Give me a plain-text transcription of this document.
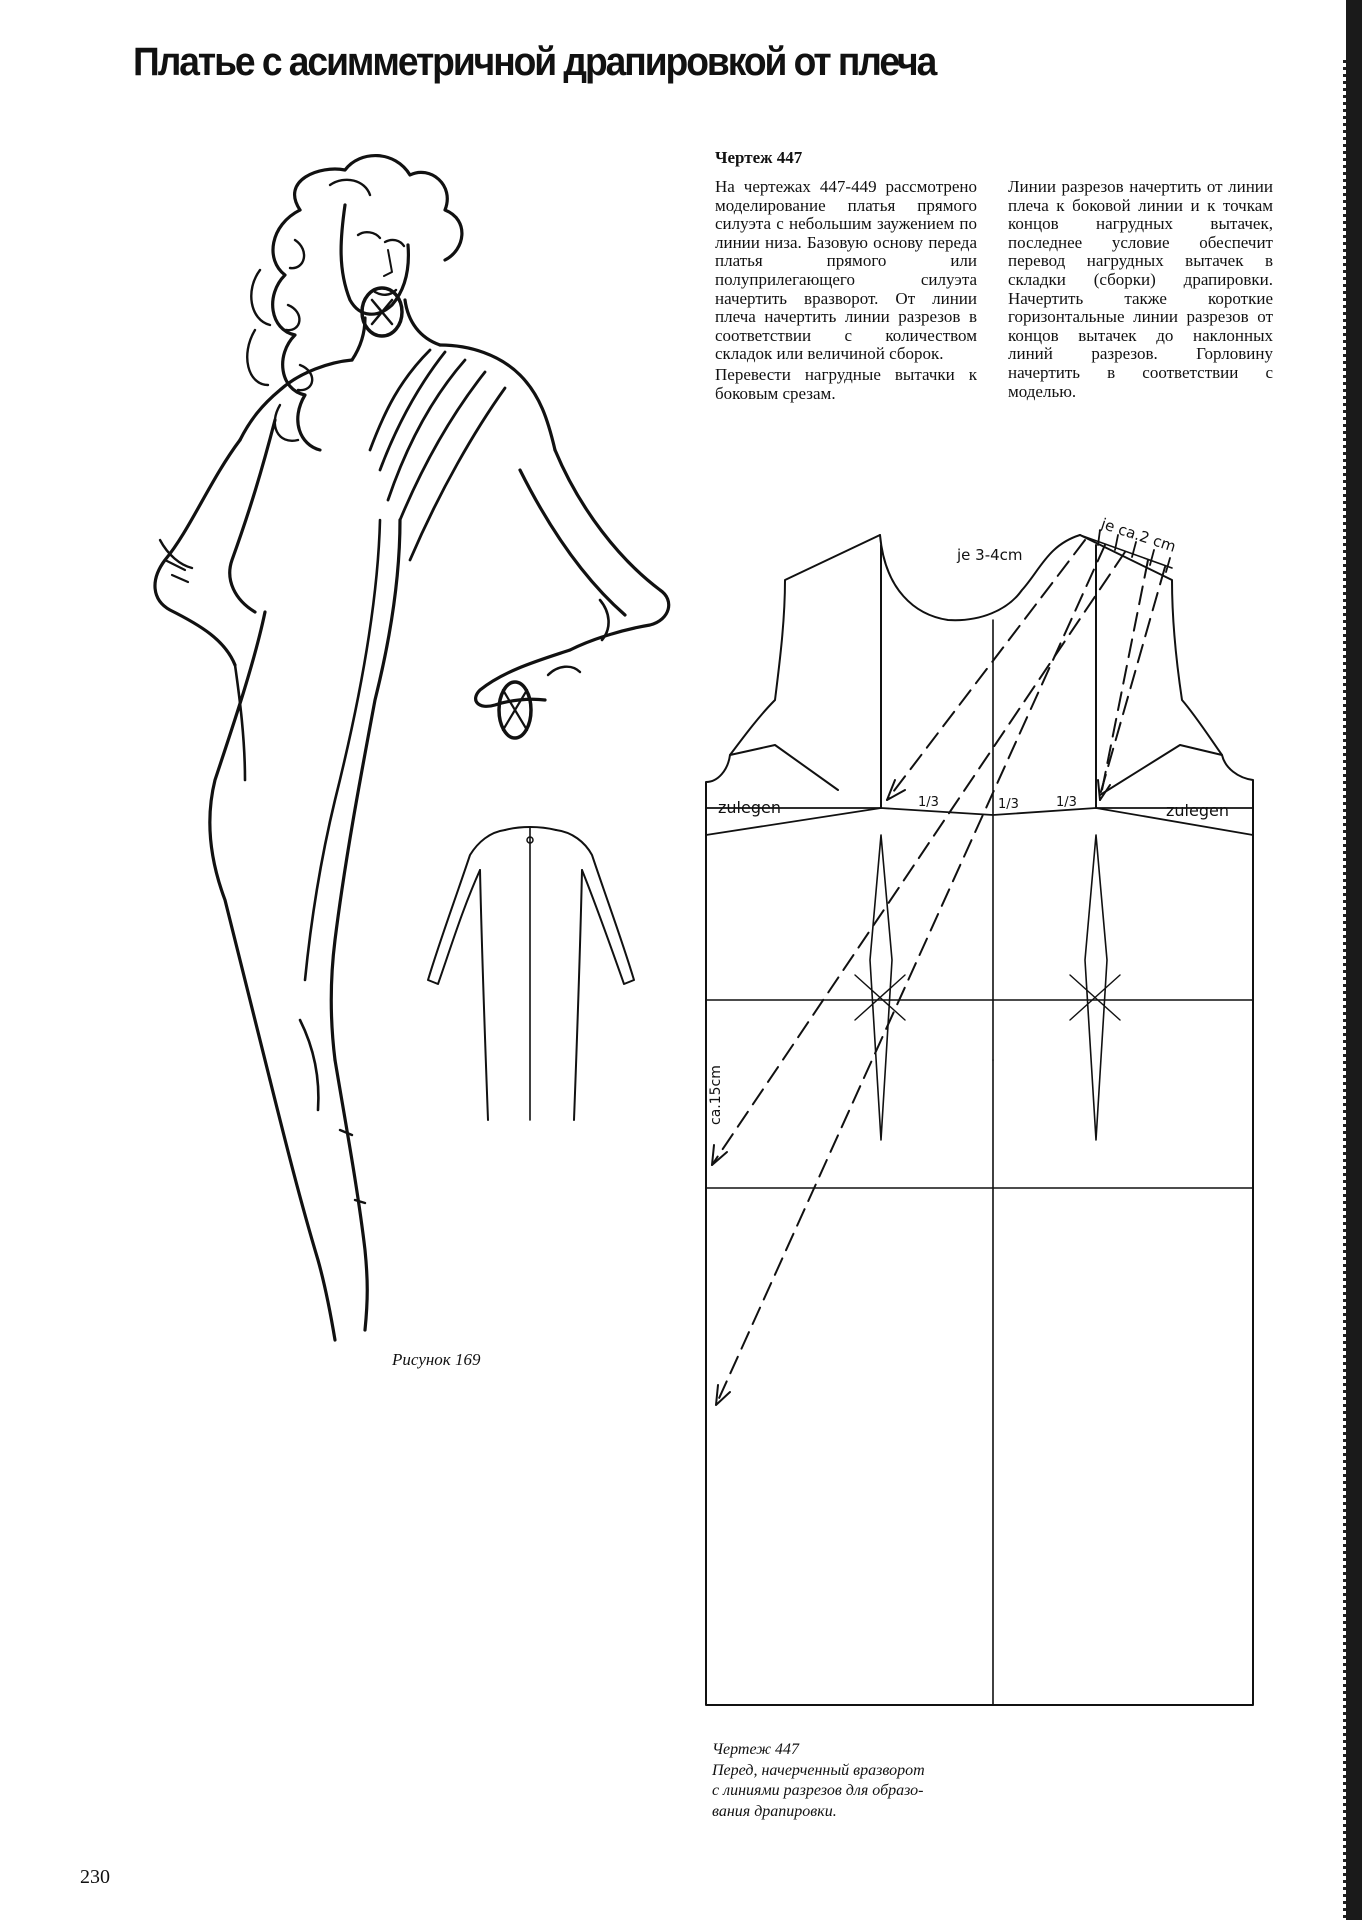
Платье с асимметричной драпировкой от плеча
Чертеж 447

На чертежах 447-449 рассмотрено моделирование платья прямого силуэта с небольшим заужением по линии низа. Базовую основу переда платья прямого или полуприлегающего силуэта начертить вразворот. От линии плеча начертить линии разрезов в соответствии с количеством складок или величиной сборок.

Перевести нагрудные вытачки к боковым срезам.

Линии разрезов начертить от линии плеча к боковой линии и к точкам концов нагрудных вытачек, последнее условие обеспечит перевод нагрудных вытачек в складки (сборки) драпировки. Начертить также короткие горизонтальные линии разрезов от концов вытачек до наклонных линий разрезов. Горловину начертить в соответствии с моделью.

je 3-4cm	je ca.2 cm
zulegen	zulegen
1/3	1/3	1/3
ca.15cm
Рисунок 169
Чертеж 447
Перед, начерченный вразворот
с линиями разрезов для образо-
вания драпировки.
230
